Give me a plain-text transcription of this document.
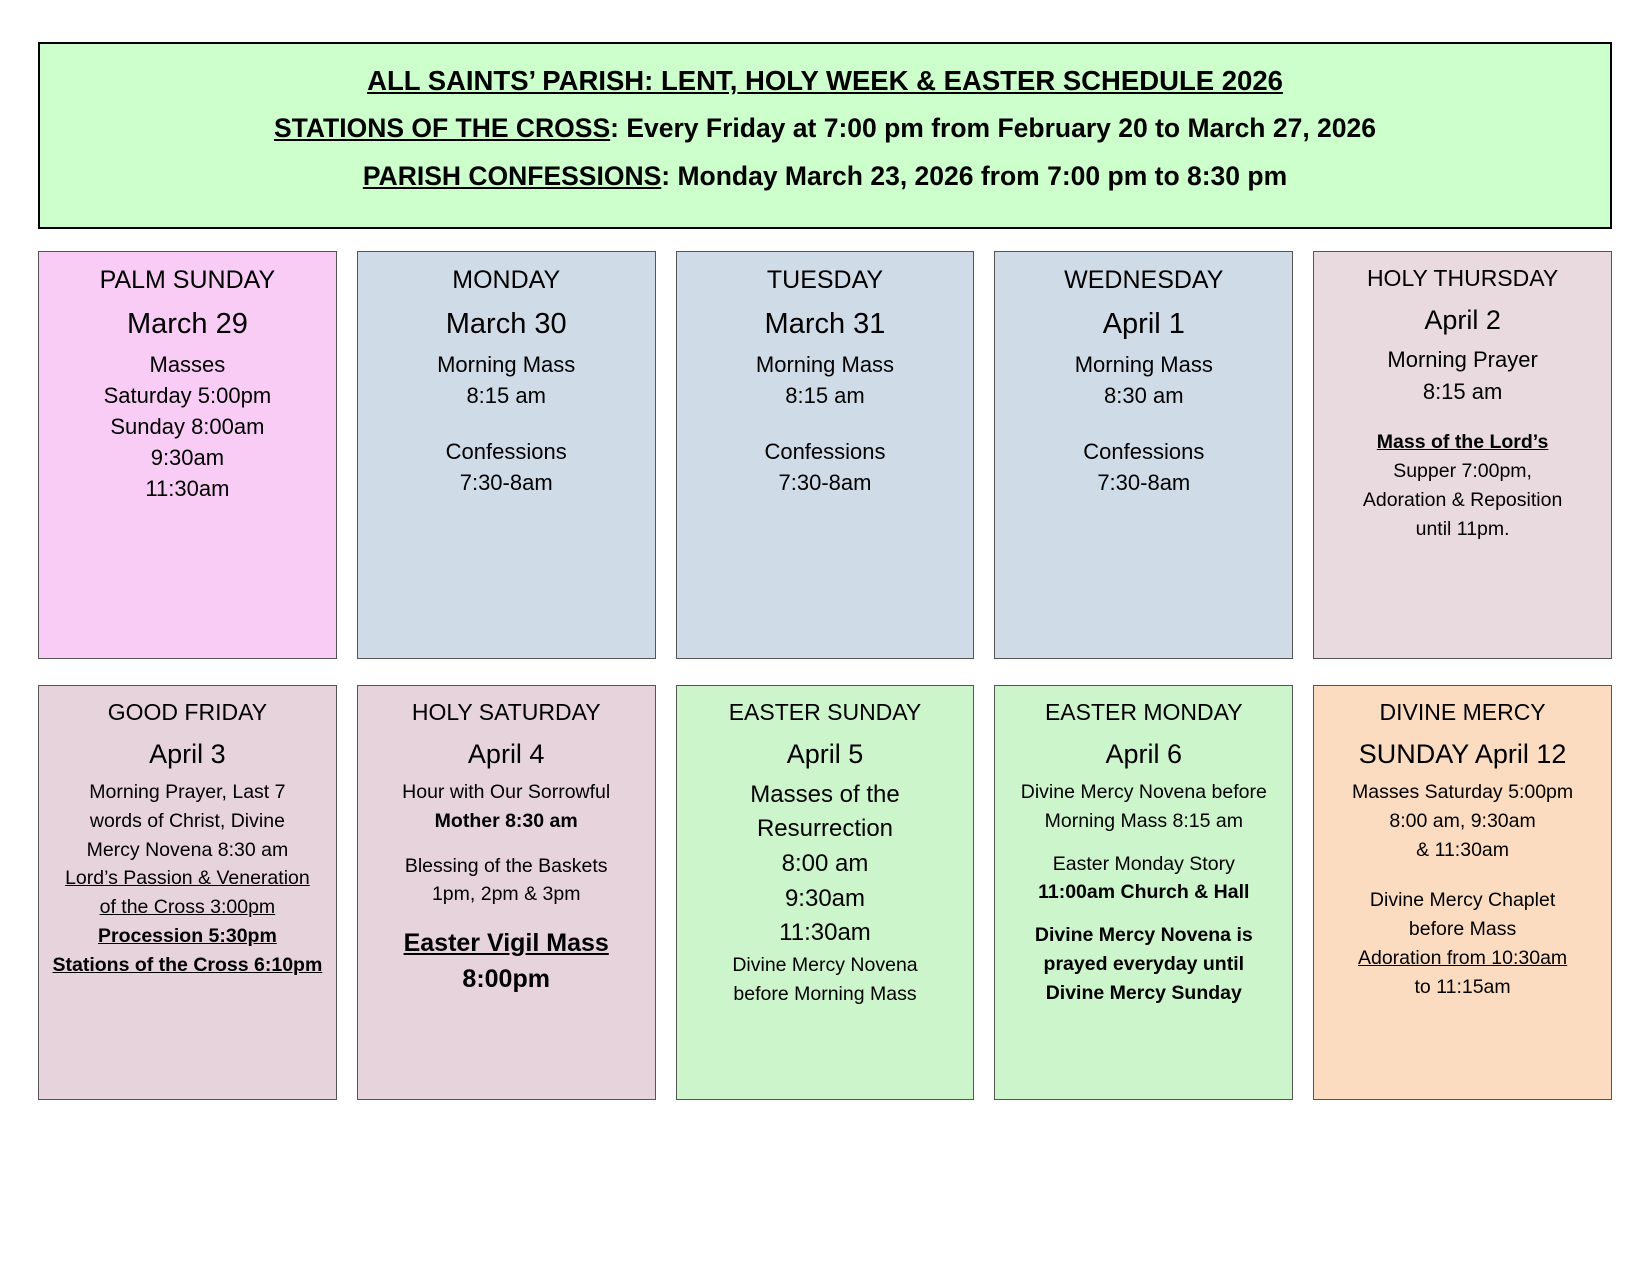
ALL SAINTS’ PARISH: LENT, HOLY WEEK & EASTER SCHEDULE 2026
STATIONS OF THE CROSS: Every Friday at 7:00 pm from February 20 to March 27, 2026
PARISH CONFESSIONS: Monday March 23, 2026 from 7:00 pm to 8:30 pm
PALM SUNDAY
March 29
Masses
Saturday 5:00pm
Sunday 8:00am
9:30am
11:30am
MONDAY
March 30
Morning Mass
8:15 am
Confessions
7:30-8am
TUESDAY
March 31
Morning Mass
8:15 am
Confessions
7:30-8am
WEDNESDAY
April 1
Morning Mass
8:30 am
Confessions
7:30-8am
HOLY THURSDAY
April 2
Morning Prayer
8:15 am
Mass of the Lord’s
Supper 7:00pm,
Adoration & Reposition
until 11pm.
GOOD FRIDAY
April 3
Morning Prayer, Last 7
words of Christ, Divine
Mercy Novena 8:30 am
Lord’s Passion & Veneration
of the Cross 3:00pm
Procession 5:30pm
Stations of the Cross 6:10pm
HOLY SATURDAY
April 4
Hour with Our Sorrowful
Mother 8:30 am
Blessing of the Baskets
1pm, 2pm & 3pm
Easter Vigil Mass
8:00pm
EASTER SUNDAY
April 5
Masses of the
Resurrection
8:00 am
9:30am
11:30am
Divine Mercy Novena
before Morning Mass
EASTER MONDAY
April 6
Divine Mercy Novena before
Morning Mass 8:15 am
Easter Monday Story
11:00am Church & Hall
Divine Mercy Novena is
prayed everyday until
Divine Mercy Sunday
DIVINE MERCY
SUNDAY April 12
Masses Saturday 5:00pm
8:00 am, 9:30am
& 11:30am
Divine Mercy Chaplet
before Mass
Adoration from 10:30am
to 11:15am
